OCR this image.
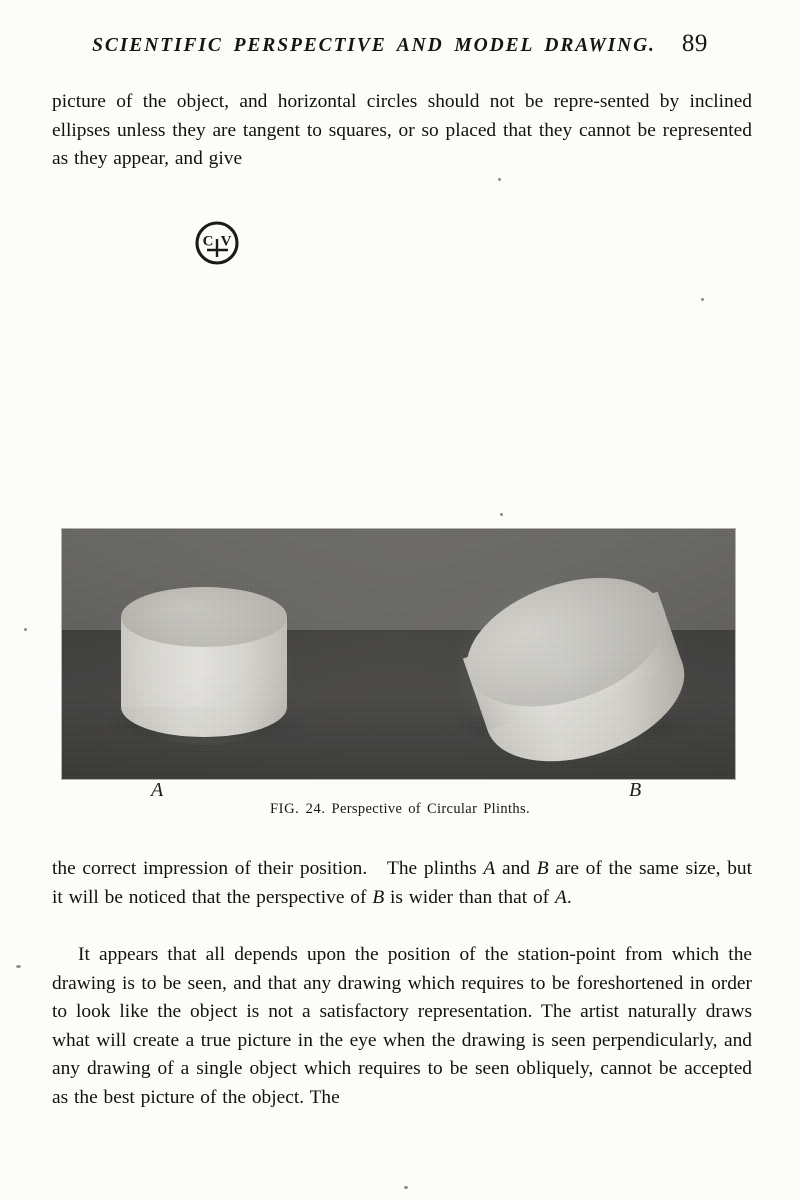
SCIENTIFIC PERSPECTIVE AND MODEL DRAWING. 89
picture of the object, and horizontal circles should not be repre-sented by inclined ellipses unless they are tangent to squares, or so placed that they cannot be represented as they appear, and give
C V
A	B
FIG. 24. Perspective of Circular Plinths.
the correct impression of their position.   The plinths A and B are of the same size, but it will be noticed that the perspective of B is wider than that of A.
It appears that all depends upon the position of the station-point from which the drawing is to be seen, and that any drawing which requires to be foreshortened in order to look like the object is not a satisfactory representation. The artist naturally draws what will create a true picture in the eye when the drawing is seen perpendicularly, and any drawing of a single object which requires to be seen obliquely, cannot be accepted as the best picture of the object. The
